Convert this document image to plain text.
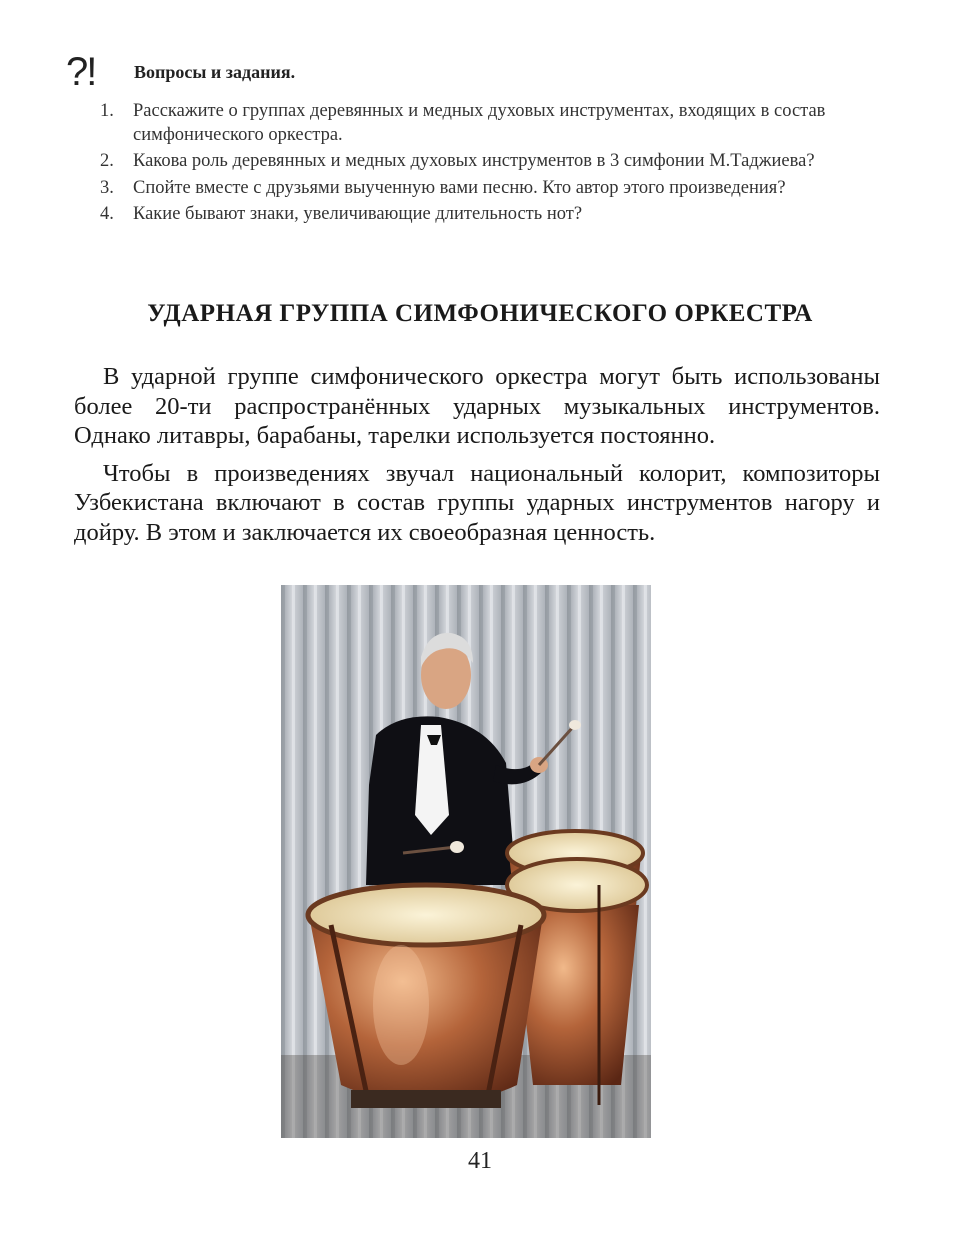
?! Вопросы и задания.
1.	Расскажите о группах деревянных и медных духовых инструментах, входящих в состав симфонического оркестра.
2.	Какова роль деревянных и медных духовых инструментов в 3 симфонии М.Таджиева?
3.	Спойте вместе с друзьями выученную вами песню. Кто автор этого произведения?
4.	Какие бывают знаки, увеличивающие длительность нот?
УДАРНАЯ ГРУППА СИМФОНИЧЕСКОГО ОРКЕСТРА

В ударной группе симфонического оркестра могут быть использованы более 20-ти распространённых ударных музыкальных инструментов. Однако литавры, барабаны, тарелки используется постоянно.

Чтобы в произведениях звучал национальный колорит, композиторы Узбекистана включают в состав группы ударных инструментов нагору и дойру. В этом и заключается их своеобразная ценность.

41
